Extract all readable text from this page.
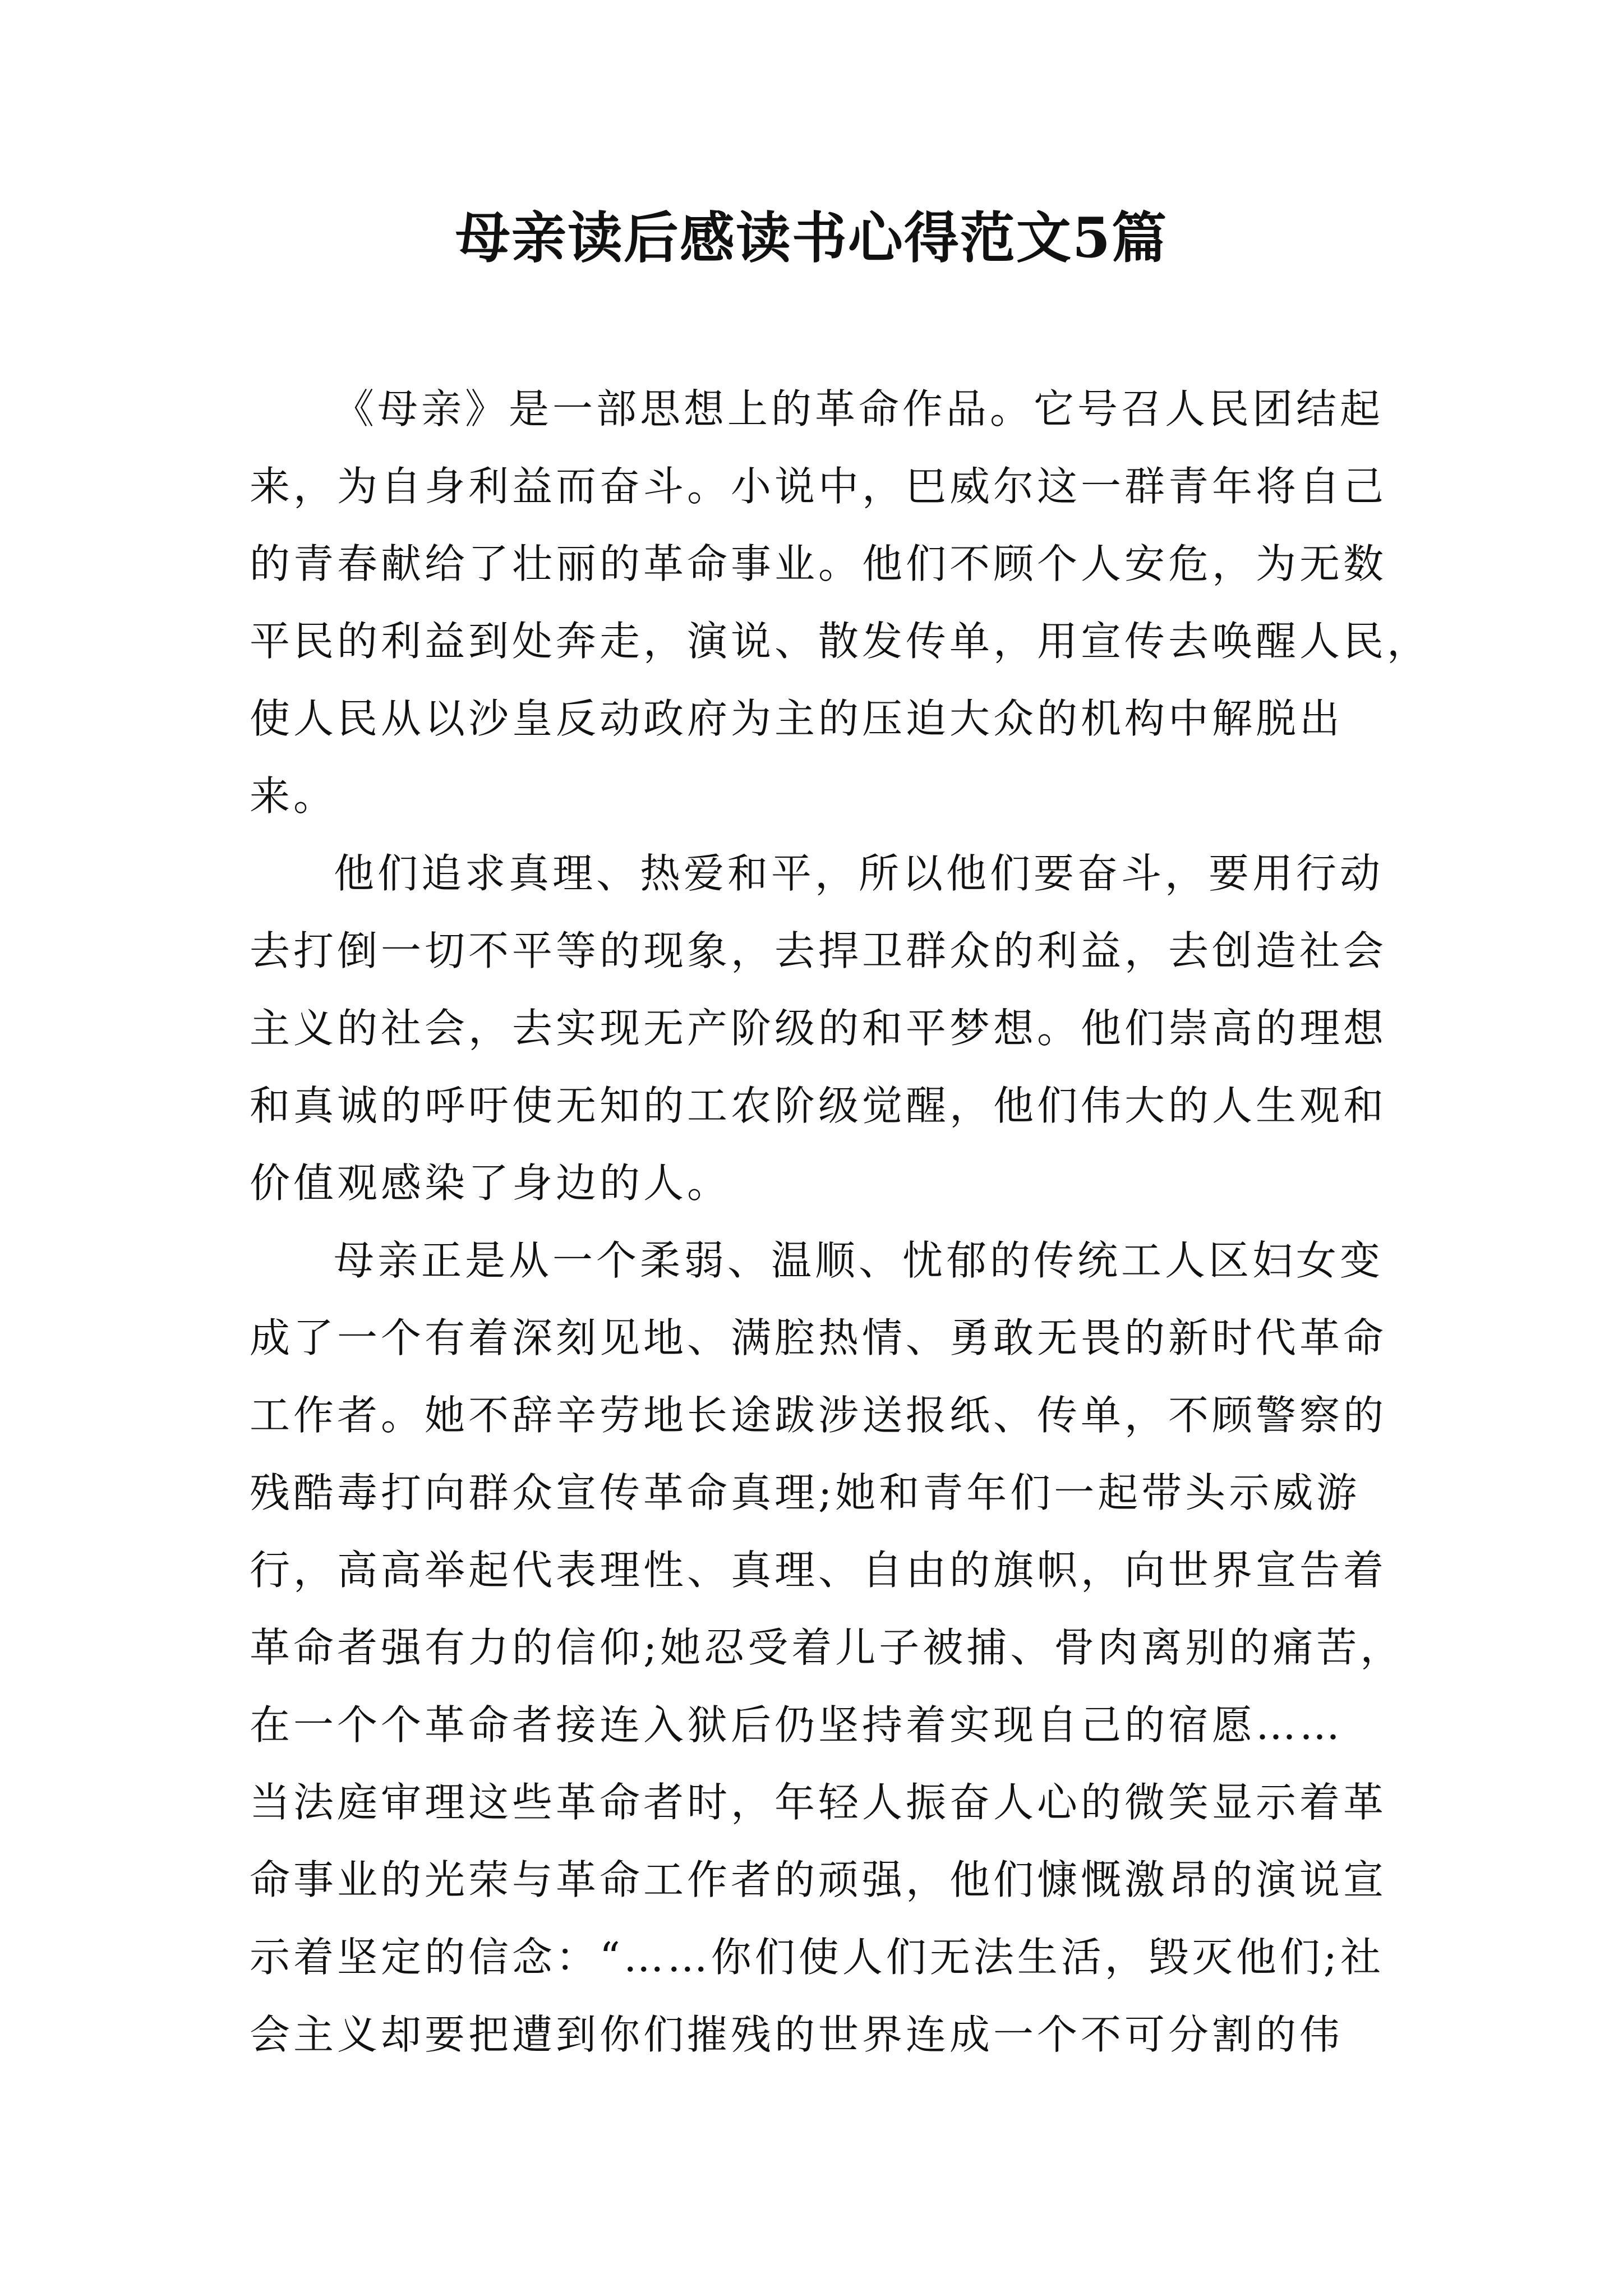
母亲读后感读书心得范文5篇
《母亲》是一部思想上的革命作品。它号召人民团结起
来，为自身利益而奋斗。小说中，巴威尔这一群青年将自己
的青春献给了壮丽的革命事业。他们不顾个人安危，为无数
平民的利益到处奔走，演说、散发传单，用宣传去唤醒人民，
使人民从以沙皇反动政府为主的压迫大众的机构中解脱出
来。
他们追求真理、热爱和平，所以他们要奋斗，要用行动
去打倒一切不平等的现象，去捍卫群众的利益，去创造社会
主义的社会，去实现无产阶级的和平梦想。他们崇高的理想
和真诚的呼吁使无知的工农阶级觉醒，他们伟大的人生观和
价值观感染了身边的人。
母亲正是从一个柔弱、温顺、忧郁的传统工人区妇女变
成了一个有着深刻见地、满腔热情、勇敢无畏的新时代革命
工作者。她不辞辛劳地长途跋涉送报纸、传单，不顾警察的
残酷毒打向群众宣传革命真理;她和青年们一起带头示威游
行，高高举起代表理性、真理、自由的旗帜，向世界宣告着
革命者强有力的信仰;她忍受着儿子被捕、骨肉离别的痛苦，
在一个个革命者接连入狱后仍坚持着实现自己的宿愿……
当法庭审理这些革命者时，年轻人振奋人心的微笑显示着革
命事业的光荣与革命工作者的顽强，他们慷慨激昂的演说宣
示着坚定的信念：“……你们使人们无法生活，毁灭他们;社
会主义却要把遭到你们摧残的世界连成一个不可分割的伟
